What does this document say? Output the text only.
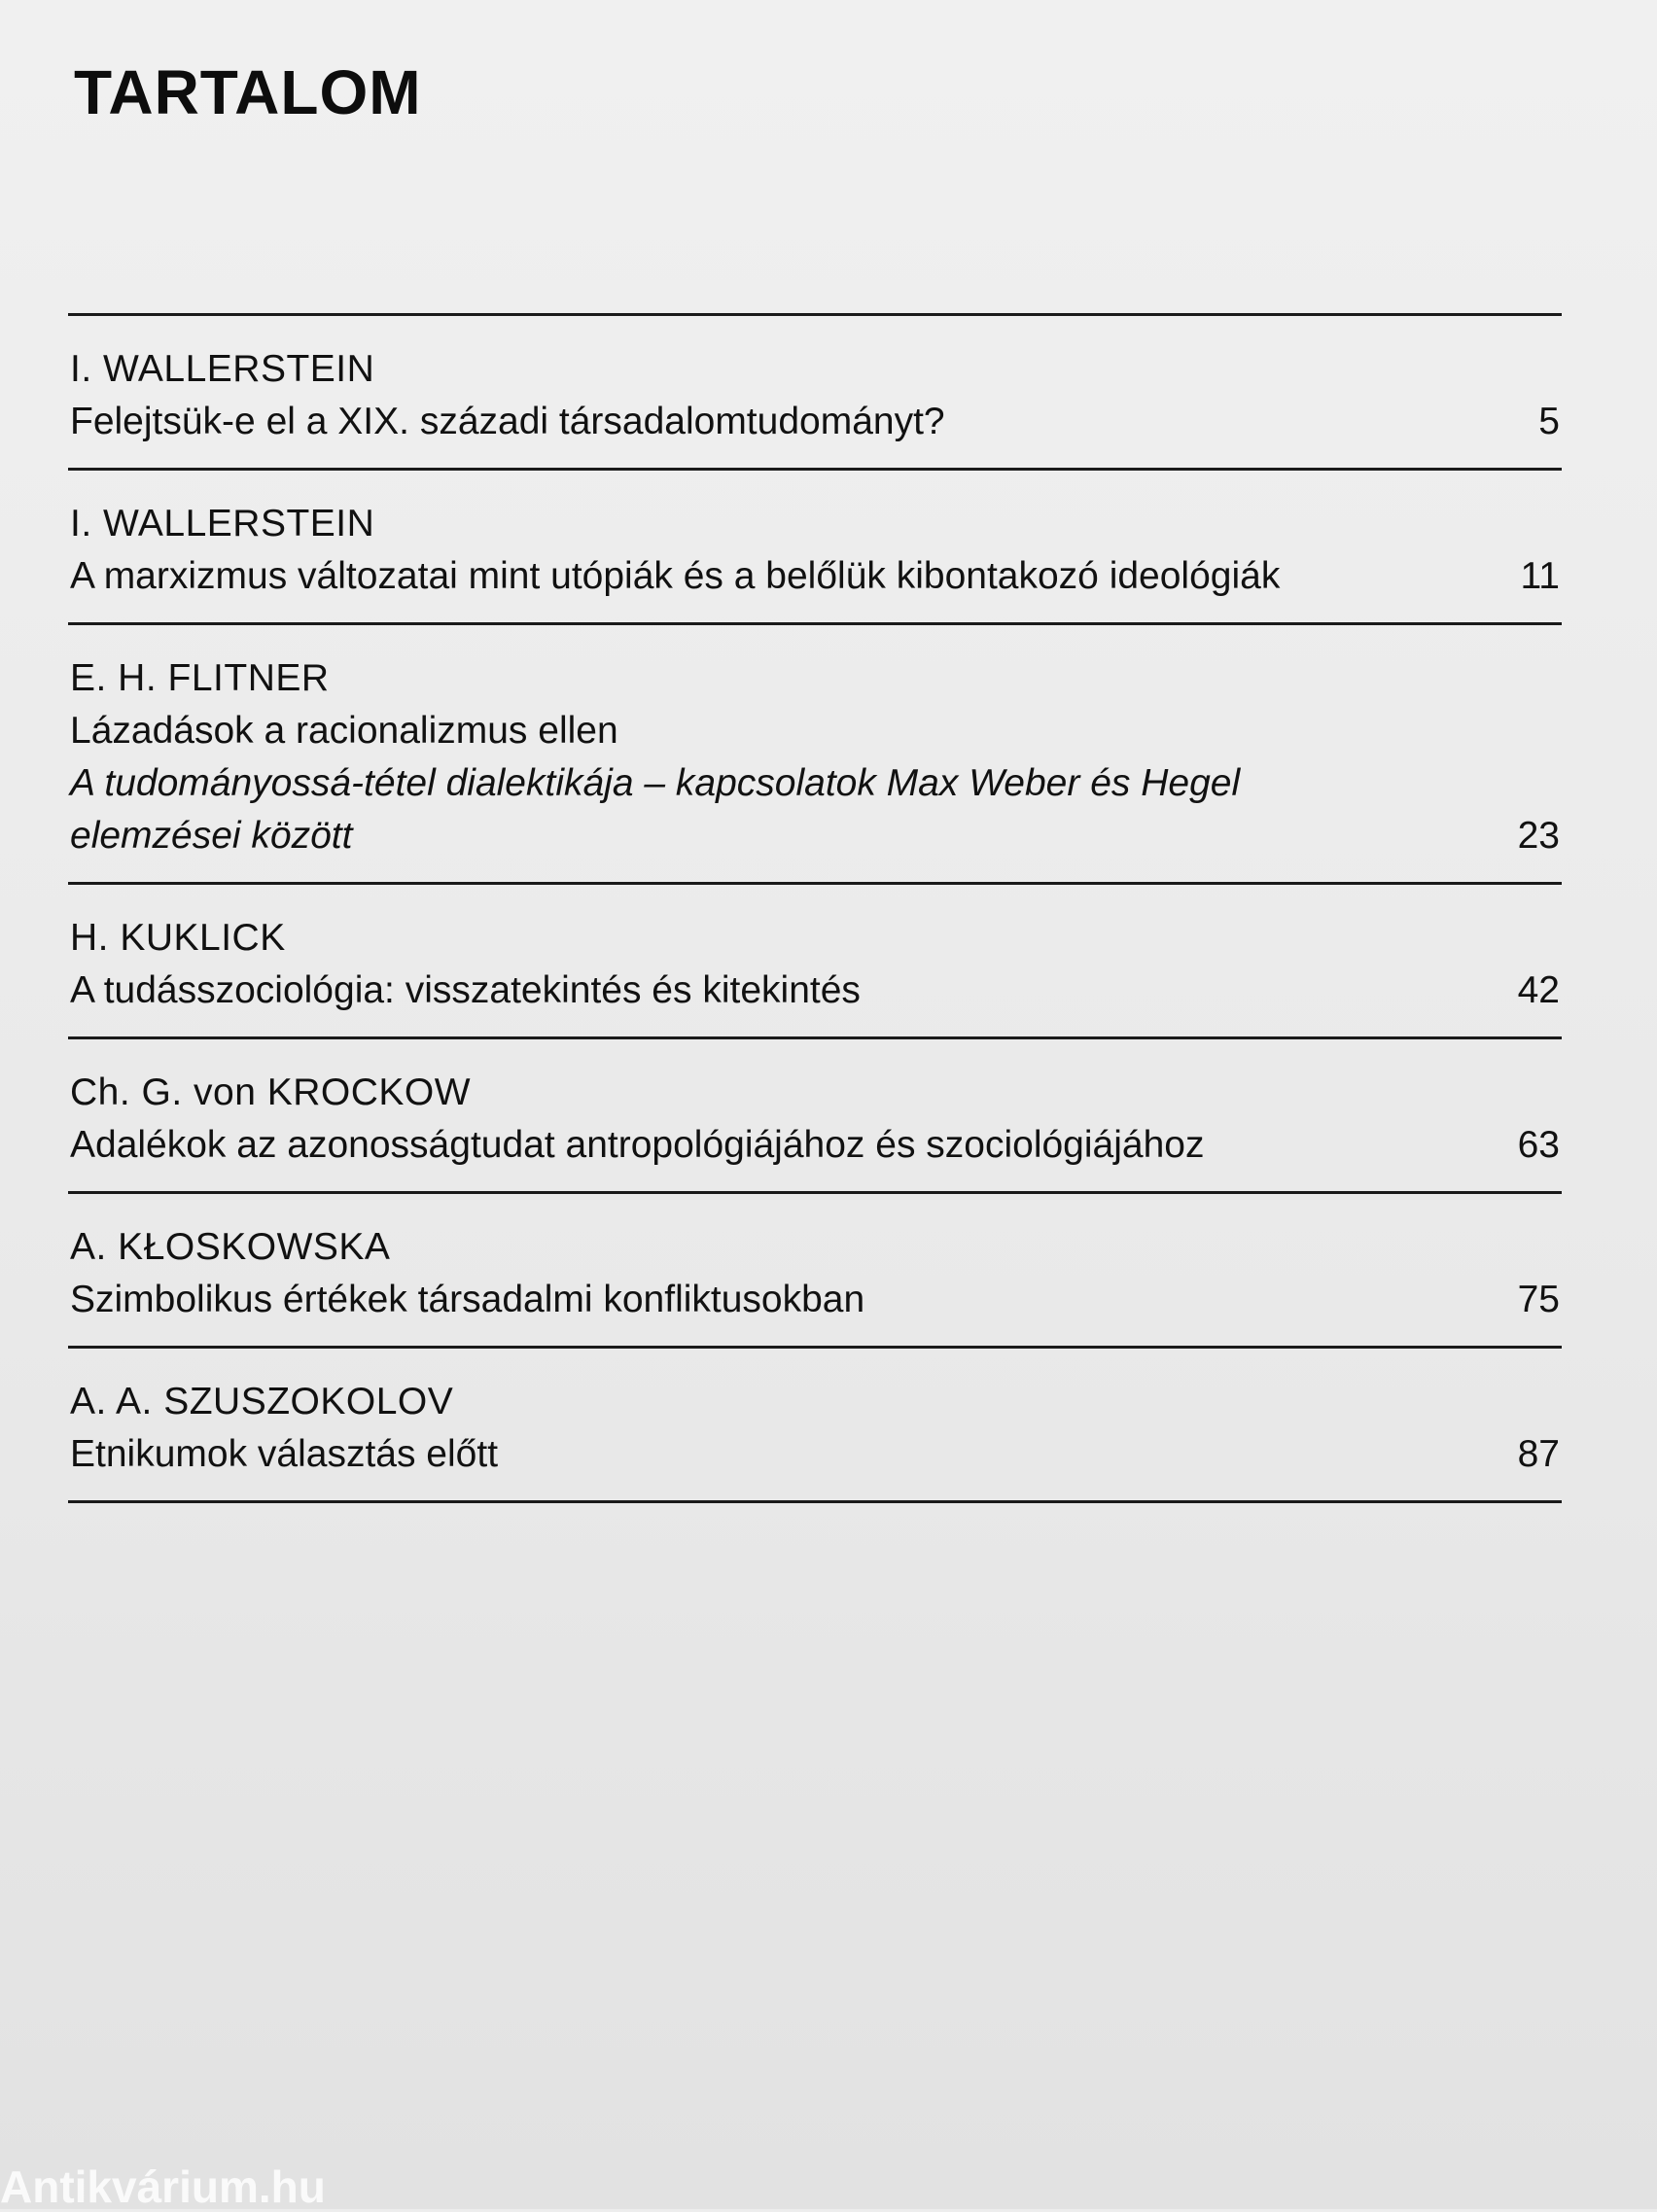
TARTALOM
I. WALLERSTEIN
Felejtsük-e el a XIX. századi társadalomtudományt?	5
I. WALLERSTEIN
A marxizmus változatai mint utópiák és a belőlük kibontakozó ideológiák	11
E. H. FLITNER
Lázadások a racionalizmus ellen
A tudományossá-tétel dialektikája – kapcsolatok Max Weber és Hegel
elemzései között	23
H. KUKLICK
A tudásszociológia: visszatekintés és kitekintés	42
Ch. G. von KROCKOW
Adalékok az azonosságtudat antropológiájához és szociológiájához	63
A. KŁOSKOWSKA
Szimbolikus értékek társadalmi konfliktusokban	75
A. A. SZUSZOKOLOV
Etnikumok választás előtt	87
Antikvárium.hu
